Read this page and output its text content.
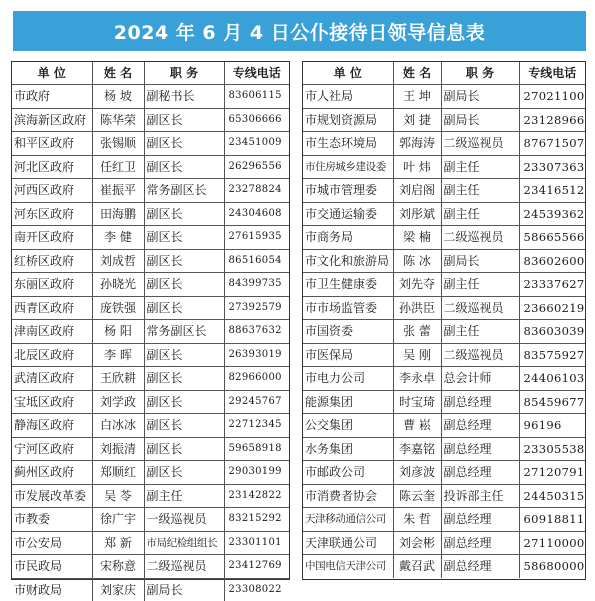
2024 年 6 月 4 日公仆接待日领导信息表
单 位	姓 名	职 务	专线电话
市政府	杨 坡	副秘书长	83606115
滨海新区政府	陈华荣	副区长	65306666
和平区政府	张锡顺	副区长	23451009
河北区政府	任红卫	副区长	26296556
河西区政府	崔振平	常务副区长	23278824
河东区政府	田海鹏	副区长	24304608
南开区政府	李 健	副区长	27615935
红桥区政府	刘成哲	副区长	86516054
东丽区政府	孙晓光	副区长	84399735
西青区政府	庞铁强	副区长	27392579
津南区政府	杨 阳	常务副区长	88637632
北辰区政府	李 晖	副区长	26393019
武清区政府	王欣耕	副区长	82966000
宝坻区政府	刘学政	副区长	29245767
静海区政府	白冰冰	副区长	22712345
宁河区政府	刘振清	副区长	59658918
蓟州区政府	郑顺红	副区长	29030199
市发展改革委	吴 苓	副主任	23142822
市教委	徐广宇	一级巡视员	83215292
市公安局	郑 新	市局纪检组组长	23301101
市民政局	宋称意	二级巡视员	23412769
市财政局	刘家庆	副局长	23308022
单 位	姓 名	职 务	专线电话
市人社局	王 坤	副局长	27021100
市规划资源局	刘 捷	副局长	23128966
市生态环境局	郭海涛	二级巡视员	87671507
市住房城乡建设委	叶 炜	副主任	23307363
市城市管理委	刘启阁	副主任	23416512
市交通运输委	刘彤斌	副主任	24539362
市商务局	梁 楠	二级巡视员	58665566
市文化和旅游局	陈 冰	副局长	83602600
市卫生健康委	刘先夺	副主任	23337627
市市场监管委	孙洪臣	二级巡视员	23660219
市国资委	张 蕾	副主任	83603039
市医保局	吴 刚	二级巡视员	83575927
市电力公司	李永卓	总会计师	24406103
能源集团	时宝琦	副总经理	85459677
公交集团	曹 崧	副总经理	96196
水务集团	李嘉铭	副总经理	23305538
市邮政公司	刘彦波	副总经理	27120791
市消费者协会	陈云奎	投诉部主任	24450315
天津移动通信公司	朱 哲	副总经理	60918811
天津联通公司	刘会彬	副总经理	27110000
中国电信天津公司	戴召武	副总经理	58680000
